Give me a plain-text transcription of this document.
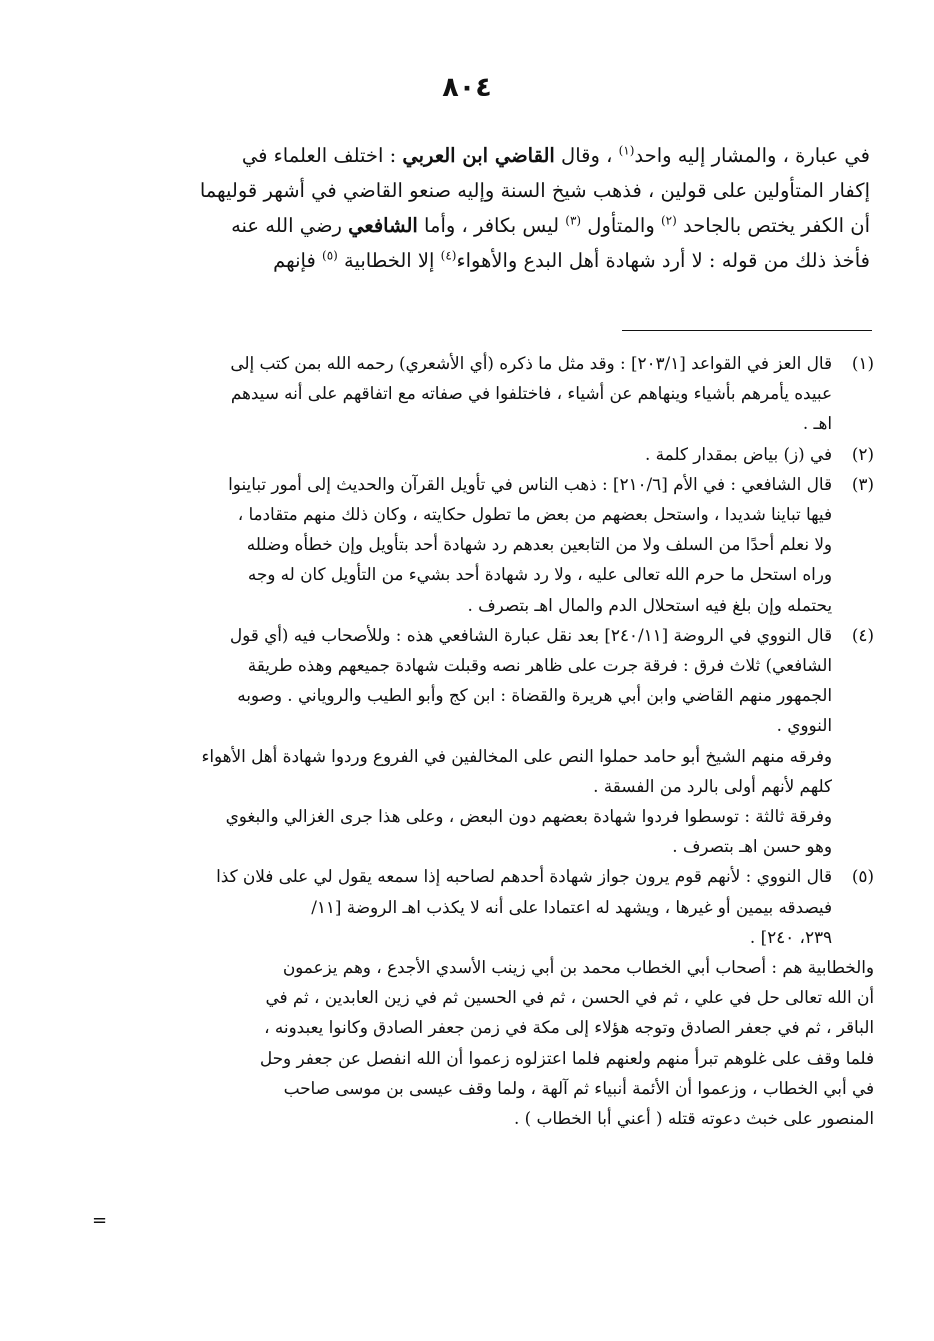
٨٠٤
في عبارة ، والمشار إليه واحد$^{(١)}$ ، وقال القاضي ابن العربي : اختلف العلماء في
إكفار المتأولين على قولين ، فذهب شيخ السنة وإليه صنعو القاضي في أشهر قوليهما
أن الكفر يختص بالجاحد $^{(٢)}$ والمتأول $^{(٣)}$ ليس بكافر ، وأما الشافعي رضي الله عنه
فأخذ ذلك من قوله : لا أرد شهادة أهل البدع والأهواء$^{(٤)}$ إلا الخطابية $^{(٥)}$ فإنهم
(١)
قال العز في القواعد [٢٠٣/١] : وقد مثل ما ذكره (أي الأشعري) رحمه الله بمن كتب إلى
عبيده يأمرهم بأشياء وينهاهم عن أشياء ، فاختلفوا في صفاته مع اتفاقهم على أنه سيدهم
اهـ .
(٢)
في (ز) بياض بمقدار كلمة .
(٣)
قال الشافعي : في الأم [٢١٠/٦] : ذهب الناس في تأويل القرآن والحديث إلى أمور تباينوا
فيها تباينا شديدا ، واستحل بعضهم من بعض ما تطول حكايته ، وكان ذلك منهم متقادما ،
ولا نعلم أحدًا من السلف ولا من التابعين بعدهم رد شهادة أحد بتأويل وإن خطأه وضلله
وراه استحل ما حرم الله تعالى عليه ، ولا رد شهادة أحد بشيء من التأويل كان له وجه
يحتمله وإن بلغ فيه استحلال الدم والمال اهـ بتصرف .
(٤)
قال النووي في الروضة [٢٤٠/١١] بعد نقل عبارة الشافعي هذه : وللأصحاب فيه (أي قول
الشافعي) ثلاث فرق : فرقة جرت على ظاهر نصه وقبلت شهادة جميعهم وهذه طريقة
الجمهور منهم القاضي وابن أبي هريرة والقضاة : ابن كج وأبو الطيب والروياني . وصوبه
النووي .
وفرقه منهم الشيخ أبو حامد حملوا النص على المخالفين في الفروع وردوا شهادة أهل الأهواء
كلهم لأنهم أولى بالرد من الفسقة .
وفرقة ثالثة : توسطوا فردوا شهادة بعضهم دون البعض ، وعلى هذا جرى الغزالي والبغوي
وهو حسن اهـ بتصرف .
(٥)
قال النووي : لأنهم قوم يرون جواز شهادة أحدهم لصاحبه إذا سمعه يقول لي على فلان كذا
فيصدقه بيمين أو غيرها ، ويشهد له اعتمادا على أنه لا يكذب اهـ الروضة [١١/
٢٣٩، ٢٤٠] .
والخطابية هم : أصحاب أبي الخطاب محمد بن أبي زينب الأسدي الأجدع ، وهم يزعمون
أن الله تعالى حل في علي ، ثم في الحسن ، ثم في الحسين ثم في زين العابدين ، ثم في
الباقر ، ثم في جعفر الصادق وتوجه هؤلاء إلى مكة في زمن جعفر الصادق وكانوا يعبدونه ،
فلما وقف على غلوهم تبرأ منهم ولعنهم فلما اعتزلوه زعموا أن الله انفصل عن جعفر وحل
في أبي الخطاب ، وزعموا أن الأئمة أنبياء ثم آلهة ، ولما وقف عيسى بن موسى صاحب
المنصور على خبث دعوته قتله ( أعني أبا الخطاب ) .
=
